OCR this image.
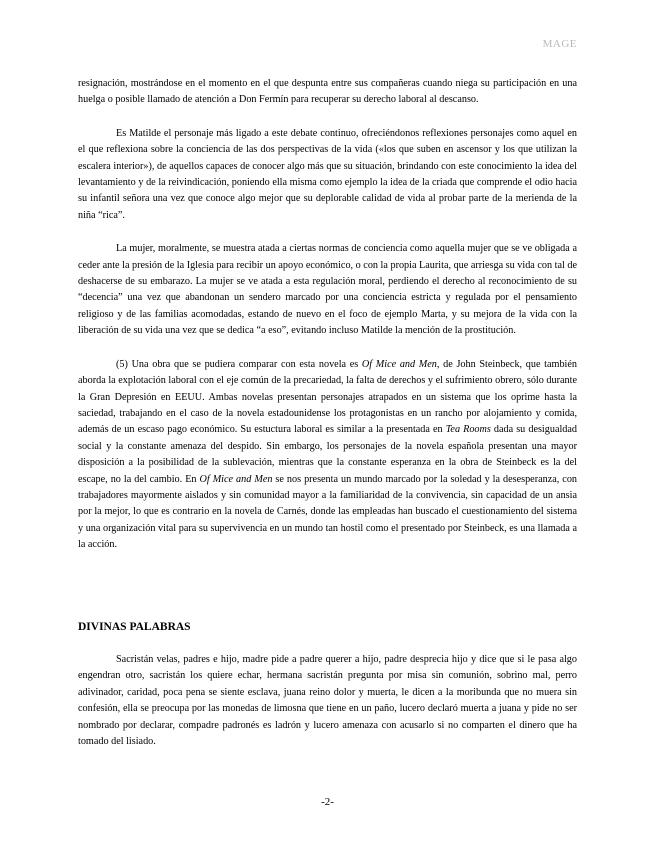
MAGE

resignación, mostrándose en el momento en el que despunta entre sus compañeras cuando niega su participación en una huelga o posible llamado de atención a Don Fermín para recuperar su derecho laboral al descanso.

Es Matilde el personaje más ligado a este debate continuo, ofreciéndonos reflexiones personajes como aquel en el que reflexiona sobre la conciencia de las dos perspectivas de la vida («los que suben en ascensor y los que utilizan la escalera interior»), de aquellos capaces de conocer algo más que su situación, brindando con este conocimiento la idea del levantamiento y de la reivindicación, poniendo ella misma como ejemplo la idea de la criada que comprende el odio hacia su infantil señora una vez que conoce algo mejor que su deplorable calidad de vida al probar parte de la merienda de la niña “rica”.

La mujer, moralmente, se muestra atada a ciertas normas de conciencia como aquella mujer que se ve obligada a ceder ante la presión de la Iglesia para recibir un apoyo económico, o con la propia Laurita, que arriesga su vida con tal de deshacerse de su embarazo. La mujer se ve atada a esta regulación moral, perdiendo el derecho al reconocimiento de su “decencia” una vez que abandonan un sendero marcado por una conciencia estricta y regulada por el pensamiento religioso y de las familias acomodadas, estando de nuevo en el foco de ejemplo Marta, y su mejora de la vida con la liberación de su vida una vez que se dedica “a eso”, evitando incluso Matilde la mención de la prostitución.

(5) Una obra que se pudiera comparar con esta novela es Of Mice and Men, de John Steinbeck, que también aborda la explotación laboral con el eje común de la precariedad, la falta de derechos y el sufrimiento obrero, sólo durante la Gran Depresión en EEUU. Ambas novelas presentan personajes atrapados en un sistema que los oprime hasta la saciedad, trabajando en el caso de la novela estadounidense los protagonistas en un rancho por alojamiento y comida, además de un escaso pago económico. Su estuctura laboral es similar a la presentada en Tea Rooms dada su desigualdad social y la constante amenaza del despido. Sin embargo, los personajes de la novela española presentan una mayor disposición a la posibilidad de la sublevación, mientras que la constante esperanza en la obra de Steinbeck es la del escape, no la del cambio. En Of Mice and Men se nos presenta un mundo marcado por la soledad y la desesperanza, con trabajadores mayormente aislados y sin comunidad mayor a la familiaridad de la convivencia, sin capacidad de un ansia por la mejor, lo que es contrario en la novela de Carnés, donde las empleadas han buscado el cuestionamiento del sistema y una organización vital para su supervivencia en un mundo tan hostil como el presentado por Steinbeck, es una llamada a la acción.

DIVINAS PALABRAS

Sacristán velas, padres e hijo, madre pide a padre querer a hijo, padre desprecia hijo y dice que si le pasa algo engendran otro, sacristán los quiere echar, hermana sacristán pregunta por misa sin comunión, sobrino mal, perro adivinador, caridad, poca pena se siente esclava, juana reino dolor y muerta, le dicen a la moribunda que no muera sin confesión, ella se preocupa por las monedas de limosna que tiene en un paño, lucero declaró muerta a juana y pide no ser nombrado por declarar, compadre padronés es ladrón y lucero amenaza con acusarlo si no comparten el dinero que ha tomado del lisiado.

-2-
